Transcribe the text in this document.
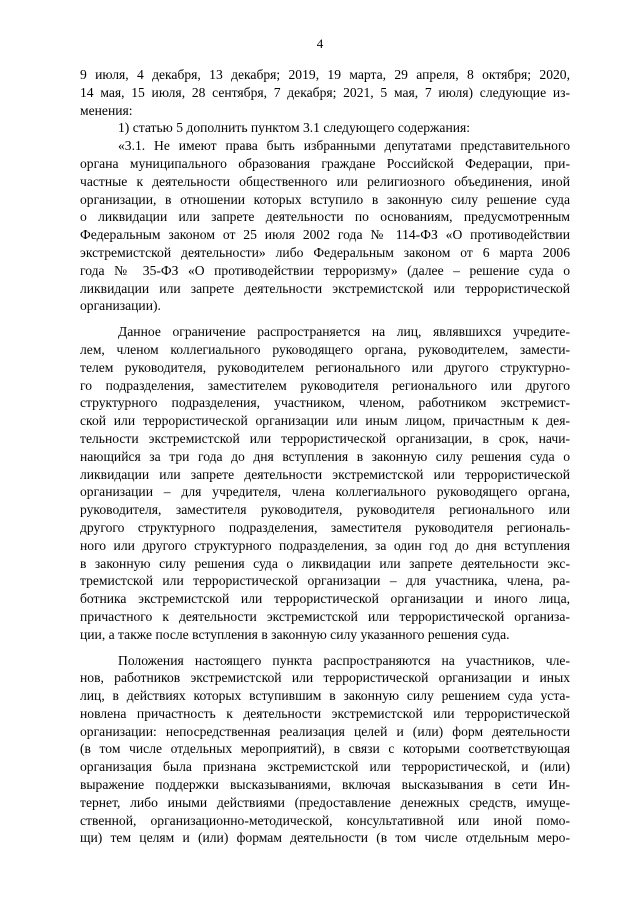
4
9 июля, 4 декабря, 13 декабря; 2019, 19 марта, 29 апреля, 8 октября; 2020,
14 мая, 15 июля, 28 сентября, 7 декабря; 2021, 5 мая, 7 июля) следующие из-
менения:
1) статью 5 дополнить пунктом 3.1 следующего содержания:
«3.1. Не имеют права быть избранными депутатами представительного
органа муниципального образования граждане Российской Федерации, при-
частные к деятельности общественного или религиозного объединения, иной
организации, в отношении которых вступило в законную силу решение суда
о ликвидации или запрете деятельности по основаниям, предусмотренным
Федеральным законом от 25 июля 2002 года № 114-ФЗ «О противодействии
экстремистской деятельности» либо Федеральным законом от 6 марта 2006
года № 35-ФЗ «О противодействии терроризму» (далее – решение суда о
ликвидации или запрете деятельности экстремистской или террористической
организации).
Данное ограничение распространяется на лиц, являвшихся учредите-
лем, членом коллегиального руководящего органа, руководителем, замести-
телем руководителя, руководителем регионального или другого структурно-
го подразделения, заместителем руководителя регионального или другого
структурного подразделения, участником, членом, работником экстремист-
ской или террористической организации или иным лицом, причастным к дея-
тельности экстремистской или террористической организации, в срок, начи-
нающийся за три года до дня вступления в законную силу решения суда о
ликвидации или запрете деятельности экстремистской или террористической
организации – для учредителя, члена коллегиального руководящего органа,
руководителя, заместителя руководителя, руководителя регионального или
другого структурного подразделения, заместителя руководителя региональ-
ного или другого структурного подразделения, за один год до дня вступления
в законную силу решения суда о ликвидации или запрете деятельности экс-
тремистской или террористической организации – для участника, члена, ра-
ботника экстремистской или террористической организации и иного лица,
причастного к деятельности экстремистской или террористической организа-
ции, а также после вступления в законную силу указанного решения суда.
Положения настоящего пункта распространяются на участников, чле-
нов, работников экстремистской или террористической организации и иных
лиц, в действиях которых вступившим в законную силу решением суда уста-
новлена причастность к деятельности экстремистской или террористической
организации: непосредственная реализация целей и (или) форм деятельности
(в том числе отдельных мероприятий), в связи с которыми соответствующая
организация была признана экстремистской или террористической, и (или)
выражение поддержки высказываниями, включая высказывания в сети Ин-
тернет, либо иными действиями (предоставление денежных средств, имуще-
ственной, организационно-методической, консультативной или иной помо-
щи) тем целям и (или) формам деятельности (в том числе отдельным меро-
